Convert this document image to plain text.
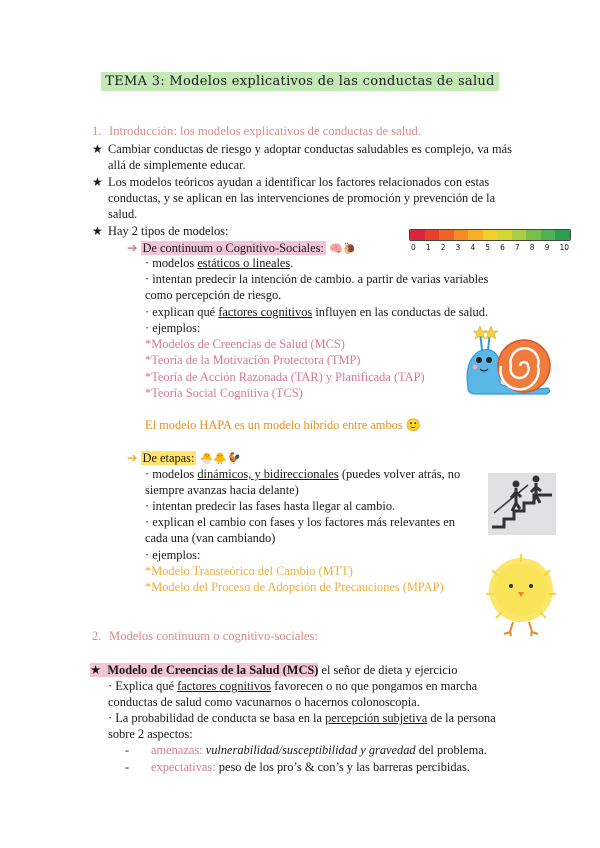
TEMA 3: Modelos explicativos de las conductas de salud
1. Introducción: los modelos explicativos de conductas de salud.
★ Cambiar conductas de riesgo y adoptar conductas saludables es complejo, va más
allá de simplemente educar.
★ Los modelos teóricos ayudan a identificar los factores relacionados con estas
conductas, y se aplican en las intervenciones de promoción y prevención de la
salud.
★ Hay 2 tipos de modelos:
➔ De continuum o Cognitivo-Sociales: 🧠🐌
· modelos estáticos o lineales.
· intentan predecir la intención de cambio. a partir de varias variables
como percepción de riesgo.
· explican qué factores cognitivos influyen en las conductas de salud.
· ejemplos:
*Modelos de Creencias de Salud (MCS)
*Teoría de la Motivación Protectora (TMP)
*Teoría de Acción Razonada (TAR) y Planificada (TAP)
*Teoría Social Cognitiva (TCS)
El modelo HAPA es un modelo híbrido entre ambos 🙂
➔ De etapas: 🐣🐥🐓
· modelos dinámicos, y bidireccionales (puedes volver atrás, no
siempre avanzas hacia delante)
· intentan predecir las fases hasta llegar al cambio.
· explican el cambio con fases y los factores más relevantes en
cada una (van cambiando)
· ejemplos:
*Modelo Transteórico del Cambio (MTT)
*Modelo del Proceso de Adopción de Precauciones (MPAP)
2. Modelos continuum o cognitivo-sociales:
★ Modelo de Creencias de la Salud (MCS) el señor de dieta y ejercicio
· Explica qué factores cognitivos favorecen o no que pongamos en marcha
conductas de salud como vacunarnos o hacernos colonoscopia.
· La probabilidad de conducta se basa en la percepción subjetiva de la persona
sobre 2 aspectos:
- amenazas: vulnerabilidad/susceptibilidad y gravedad del problema.
- expectativas: peso de los pro’s & con’s y las barreras percibidas.
0 1 2 3 4 5 6 7 8 9 10
